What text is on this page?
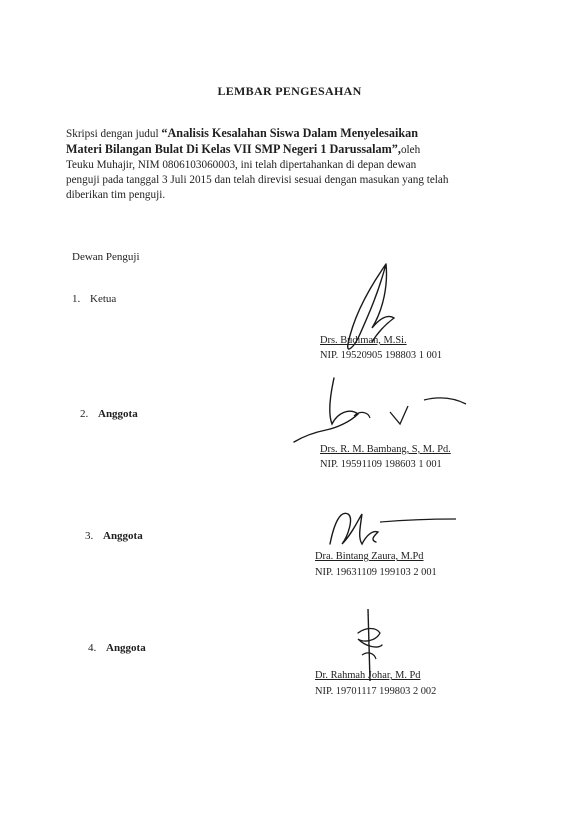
LEMBAR PENGESAHAN
Skripsi dengan judul “Analisis Kesalahan Siswa Dalam Menyelesaikan
Materi Bilangan Bulat Di Kelas VII SMP Negeri 1 Darussalam”,oleh
Teuku Muhajir, NIM 0806103060003, ini telah dipertahankan di depan dewan
penguji pada tanggal 3 Juli 2015 dan telah direvisi sesuai dengan masukan yang telah
diberikan tim penguji.
Dewan Penguji
1. Ketua
Drs. Budiman, M.Si.
NIP. 19520905 198803 1 001
2. Anggota
Drs. R. M. Bambang, S, M. Pd.
NIP. 19591109 198603 1 001
3. Anggota
Dra. Bintang Zaura, M.Pd
NIP. 19631109 199103 2 001
4. Anggota
Dr. Rahmah Johar, M. Pd
NIP. 19701117 199803 2 002
